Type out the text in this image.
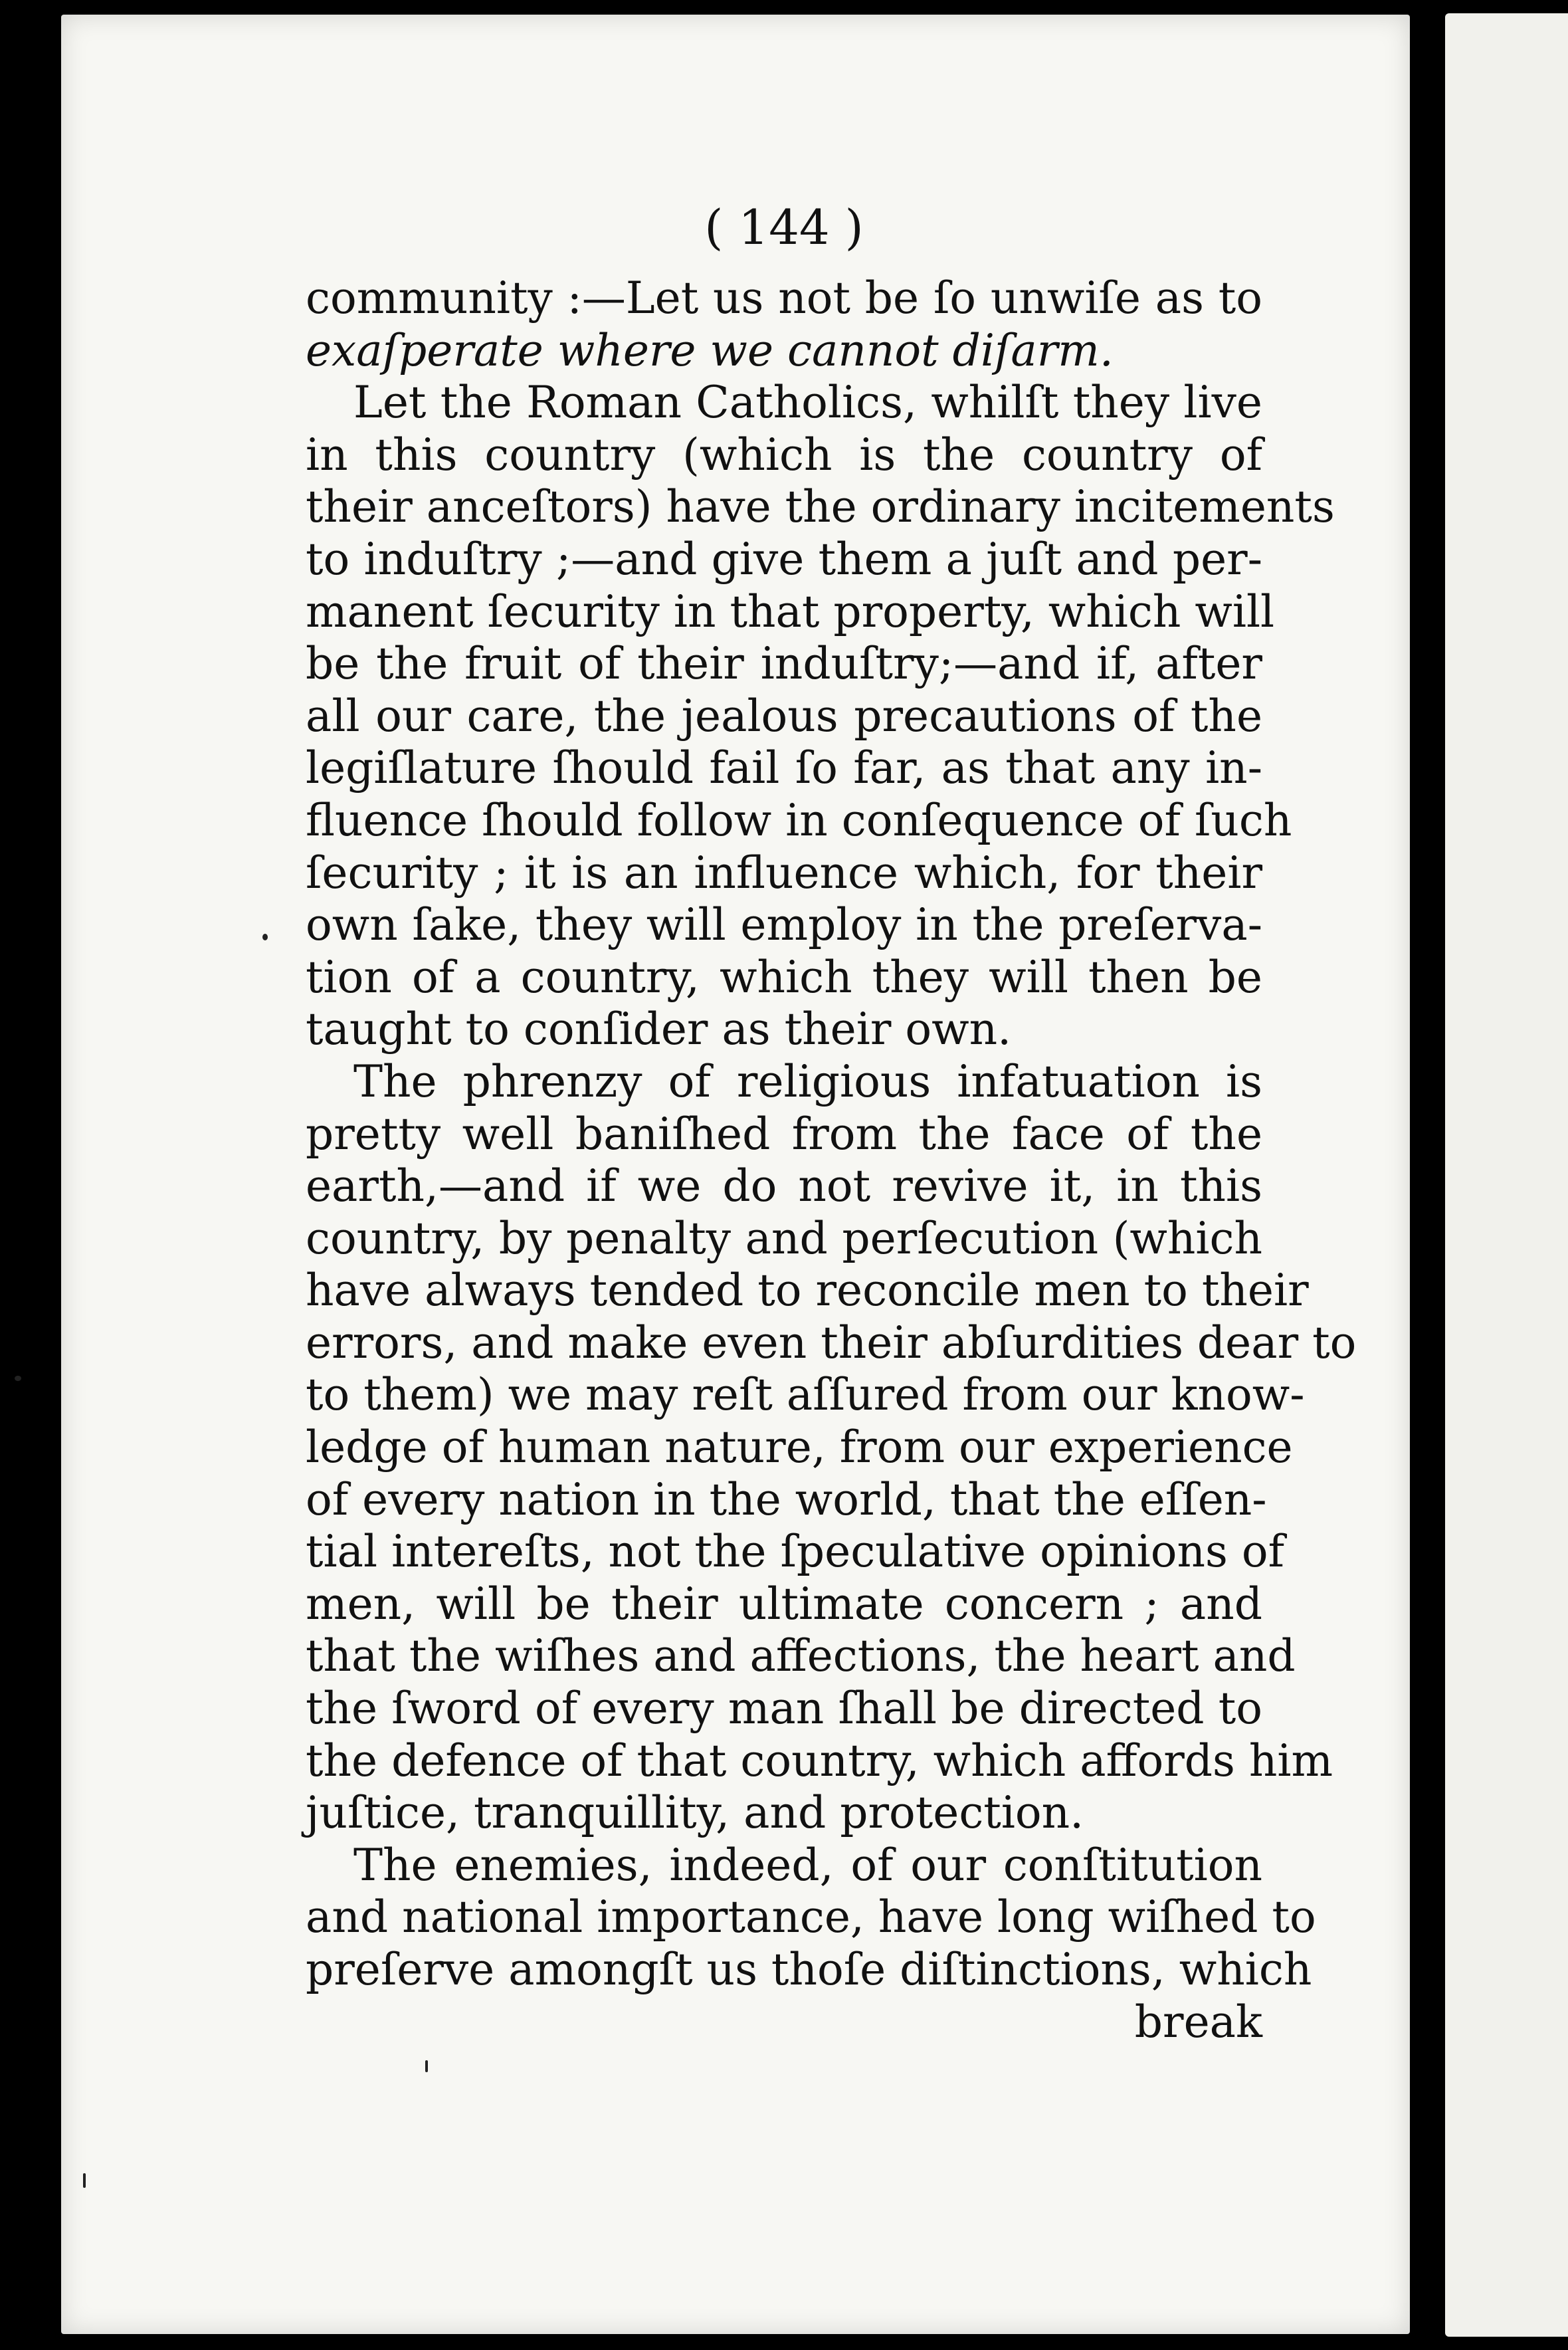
( 144 )
community :—Let us not be ſo unwiſe as to
exaſperate where we cannot diſarm.
Let the Roman Catholics, whilſt they live
in this country (which is the country of
their anceſtors) have the ordinary incitements
to induſtry ;—and give them a juſt and per-
manent ſecurity in that property, which will
be the fruit of their induſtry;—and if, after
all our care, the jealous precautions of the
legiſlature ſhould fail ſo far, as that any in-
fluence ſhould follow in conſequence of ſuch
ſecurity ; it is an influence which, for their
own ſake, they will employ in the preſerva-
tion of a country, which they will then be
taught to conſider as their own.
The phrenzy of religious infatuation is
pretty well baniſhed from the face of the
earth,—and if we do not revive it, in this
country, by penalty and perſecution (which
have always tended to reconcile men to their
errors, and make even their abſurdities dear to
to them) we may reſt aſſured from our know-
ledge of human nature, from our experience
of every nation in the world, that the eſſen-
tial intereſts, not the ſpeculative opinions of
men, will be their ultimate concern ; and
that the wiſhes and affections, the heart and
the ſword of every man ſhall be directed to
the defence of that country, which affords him
juſtice, tranquillity, and protection.
The enemies, indeed, of our conſtitution
and national importance, have long wiſhed to
preſerve amongſt us thoſe diſtinctions, which
break
